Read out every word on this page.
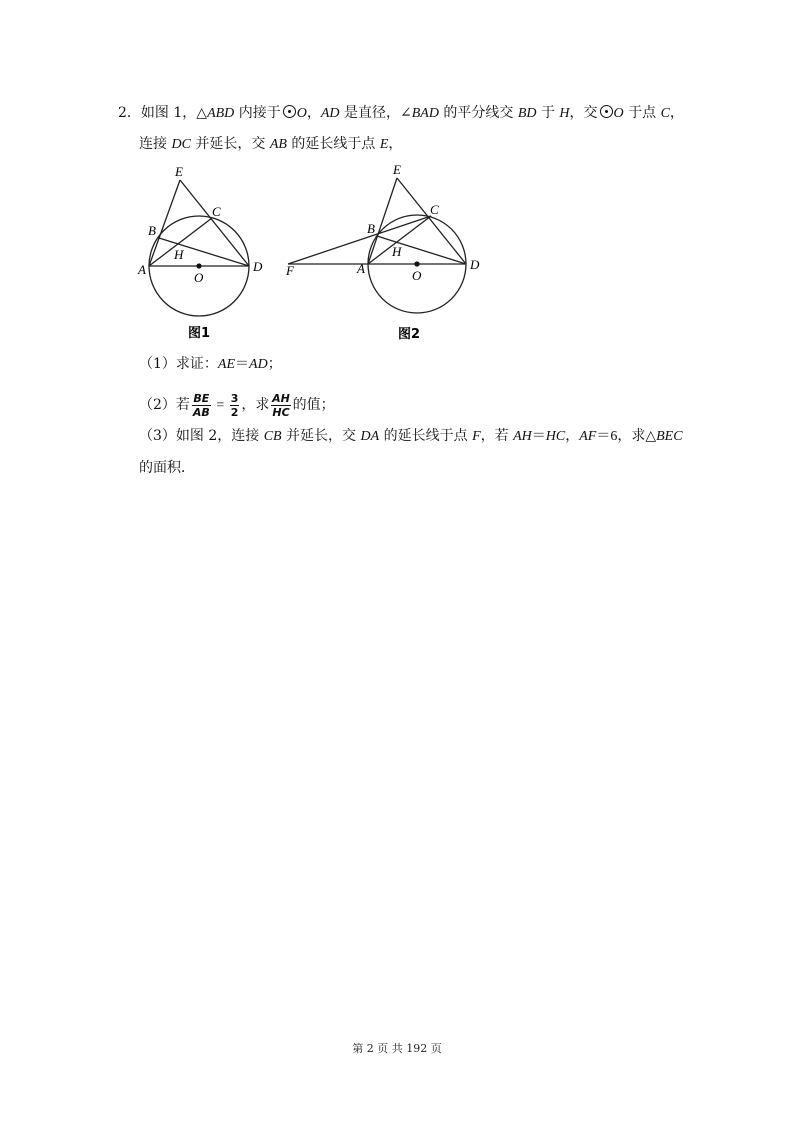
2．如图 1，△ABD 内接于 O，AD 是直径，∠BAD 的平分线交 BD 于 H，交 O 于点 C，
连接 DC 并延长，交 AB 的延长线于点 E，
E
C
B
H
A	D
O
图1
E
C
B
H
F	A	D
O
图2
（1）求证：AE＝AD；
（2）若 $\frac{BE}{AB} = \frac{3}{2}$ ，求 $\frac{AH}{HC}$ 的值；
（3）如图 2，连接 CB 并延长，交 DA 的延长线于点 F，若 AH＝HC，AF＝6，求△BEC
的面积．
第 2 页 共 192 页
